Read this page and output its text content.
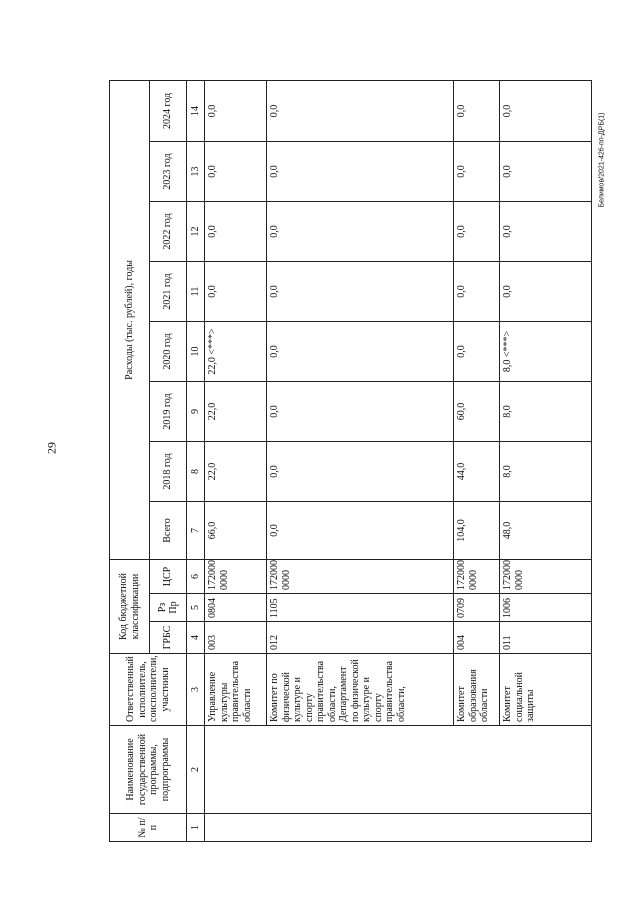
29
Белимов/2021-426-пп-ДРБ(1)
№ п/п	Наименование государственной программы, подпрограммы	Ответственный исполнитель, соисполнители, участники	Код бюджетной классификации			Расходы (тыс. рублей), годы							
			ГРБС	Рз Пр	ЦСР	Всего	2018 год	2019 год	2020 год	2021 год	2022 год	2023 год	2024 год
1	2	3	4	5	6	7	8	9	10	11	12	13	14
		Управление культуры правительства области	003	0804	172000 0000	66,0	22,0	22,0	22,0 <***>	0,0	0,0	0,0	0,0
		Комитет по физической культуре и спорту правительства области, Департамент по физической культуре и спорту правительства области,	012	1105	172000 0000	0,0	0,0	0,0	0,0	0,0	0,0	0,0	0,0
		Комитет образования области	004	0709	172000 0000	104,0	44,0	60,0	0,0	0,0	0,0	0,0	0,0
		Комитет социальной защиты	011	1006	172000 0000	48,0	8,0	8,0	8,0 <***>	0,0	0,0	0,0	0,0
